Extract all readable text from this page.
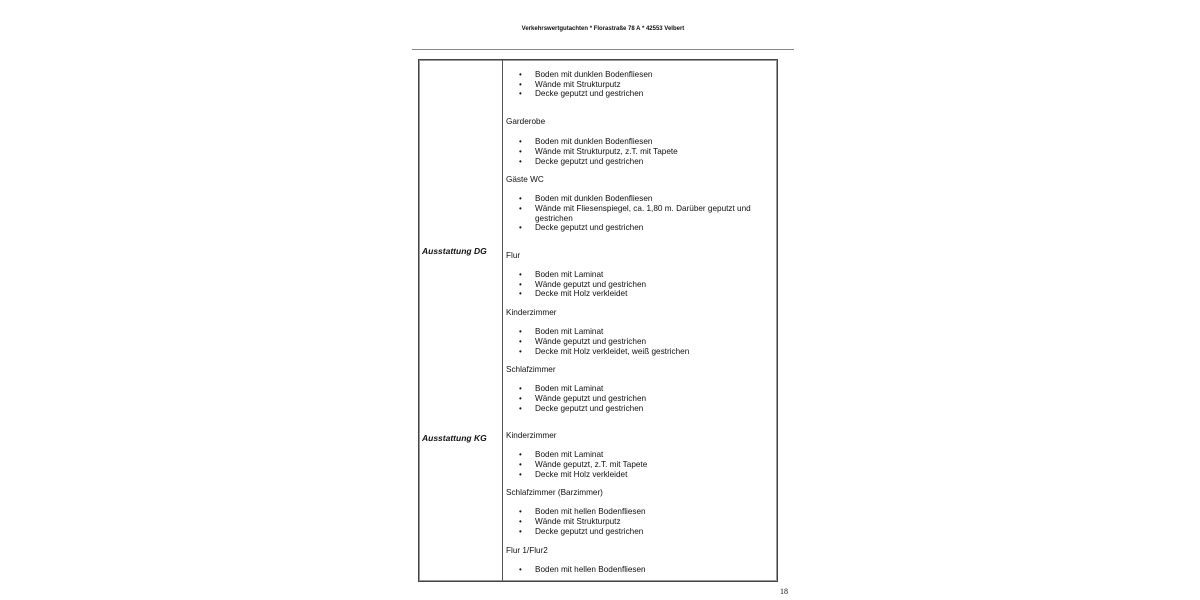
Verkehrswertgutachten * Florastraße 78 A * 42553 Velbert
Ausstattung DG
Ausstattung KG
• Boden mit dunklen Bodenfliesen
• Wände mit Strukturputz
• Decke geputzt und gestrichen
Garderobe
• Boden mit dunklen Bodenfliesen
• Wände mit Strukturputz, z.T. mit Tapete
• Decke geputzt und gestrichen
Gäste WC
• Boden mit dunklen Bodenfliesen
• Wände mit Fliesenspiegel, ca. 1,80 m. Darüber geputzt und gestrichen
• Decke geputzt und gestrichen
Flur
• Boden mit Laminat
• Wände geputzt und gestrichen
• Decke mit Holz verkleidet
Kinderzimmer
• Boden mit Laminat
• Wände geputzt und gestrichen
• Decke mit Holz verkleidet, weiß gestrichen
Schlafzimmer
• Boden mit Laminat
• Wände geputzt und gestrichen
• Decke geputzt und gestrichen
Kinderzimmer
• Boden mit Laminat
• Wände geputzt, z.T. mit Tapete
• Decke mit Holz verkleidet
Schlafzimmer (Barzimmer)
• Boden mit hellen Bodenfliesen
• Wände mit Strukturputz
• Decke geputzt und gestrichen
Flur 1/Flur2
• Boden mit hellen Bodenfliesen
18
